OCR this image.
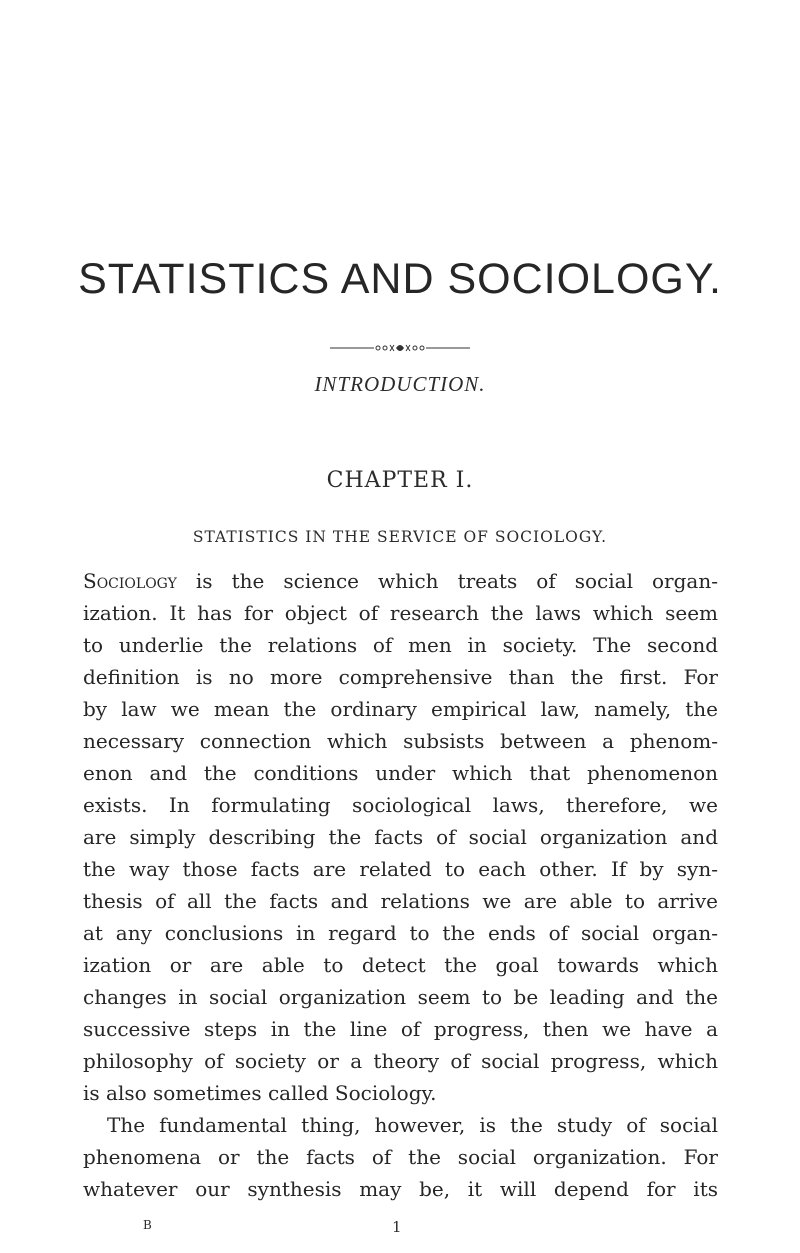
STATISTICS AND SOCIOLOGY.
INTRODUCTION.
CHAPTER I.
STATISTICS IN THE SERVICE OF SOCIOLOGY.
Sociology is the science which treats of social organ-
ization. It has for object of research the laws which seem
to underlie the relations of men in society. The second
definition is no more comprehensive than the first. For
by law we mean the ordinary empirical law, namely, the
necessary connection which subsists between a phenom-
enon and the conditions under which that phenomenon
exists. In formulating sociological laws, therefore, we
are simply describing the facts of social organization and
the way those facts are related to each other. If by syn-
thesis of all the facts and relations we are able to arrive
at any conclusions in regard to the ends of social organ-
ization or are able to detect the goal towards which
changes in social organization seem to be leading and the
successive steps in the line of progress, then we have a
philosophy of society or a theory of social progress, which
is also sometimes called Sociology.
The fundamental thing, however, is the study of social
phenomena or the facts of the social organization. For
whatever our synthesis may be, it will depend for its
B	1
